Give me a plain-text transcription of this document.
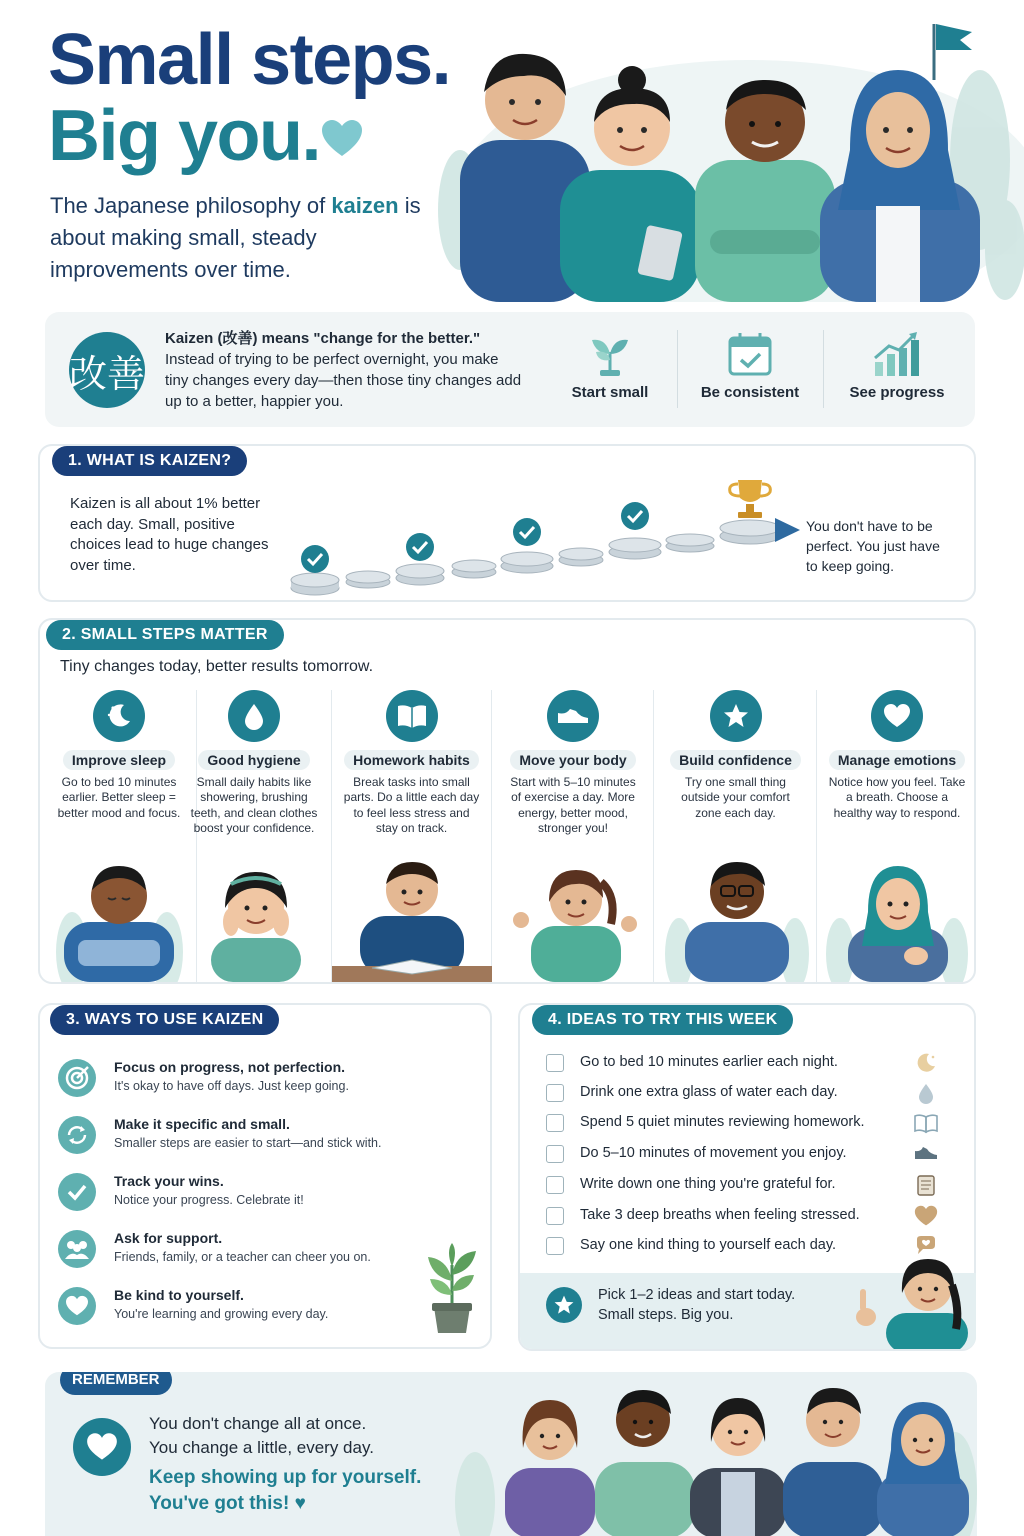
Small steps.
Big you.

The Japanese philosophy of kaizen is about making small, steady improvements over time.

改善

Kaizen (改善) means "change for the better."
Instead of trying to be perfect overnight, you make tiny changes every day—then those tiny changes add up to a better, happier you.

Start small	Be consistent	See progress
1. WHAT IS KAIZEN?

Kaizen is all about 1% better each day. Small, positive choices lead to huge changes over time.

You don't have to be perfect. You just have to keep going.

2. SMALL STEPS MATTER

Tiny changes today, better results tomorrow.

Improve sleep

Go to bed 10 minutes earlier. Better sleep = better mood and focus.

Good hygiene

Small daily habits like showering, brushing teeth, and clean clothes boost your confidence.

Homework habits

Break tasks into small parts. Do a little each day to feel less stress and stay on track.

Move your body

Start with 5–10 minutes of exercise a day. More energy, better mood, stronger you!

Build confidence

Try one small thing outside your comfort zone each day.

Manage emotions

Notice how you feel. Take a breath. Choose a healthy way to respond.

3. WAYS TO USE KAIZEN
Focus on progress, not perfection.
It's okay to have off days. Just keep going.
Make it specific and small.
Smaller steps are easier to start—and stick with.
Track your wins.
Notice your progress. Celebrate it!
Ask for support.
Friends, family, or a teacher can cheer you on.
Be kind to yourself.
You're learning and growing every day.
4. IDEAS TO TRY THIS WEEK
Go to bed 10 minutes earlier each night.
Drink one extra glass of water each day.
Spend 5 quiet minutes reviewing homework.
Do 5–10 minutes of movement you enjoy.
Write down one thing you're grateful for.
Take 3 deep breaths when feeling stressed.
Say one kind thing to yourself each day.

Pick 1–2 ideas and start today.
Small steps. Big you.

You don't change all at once.
You change a little, every day.
Keep showing up for yourself.
You've got this! ♥
REMEMBER
